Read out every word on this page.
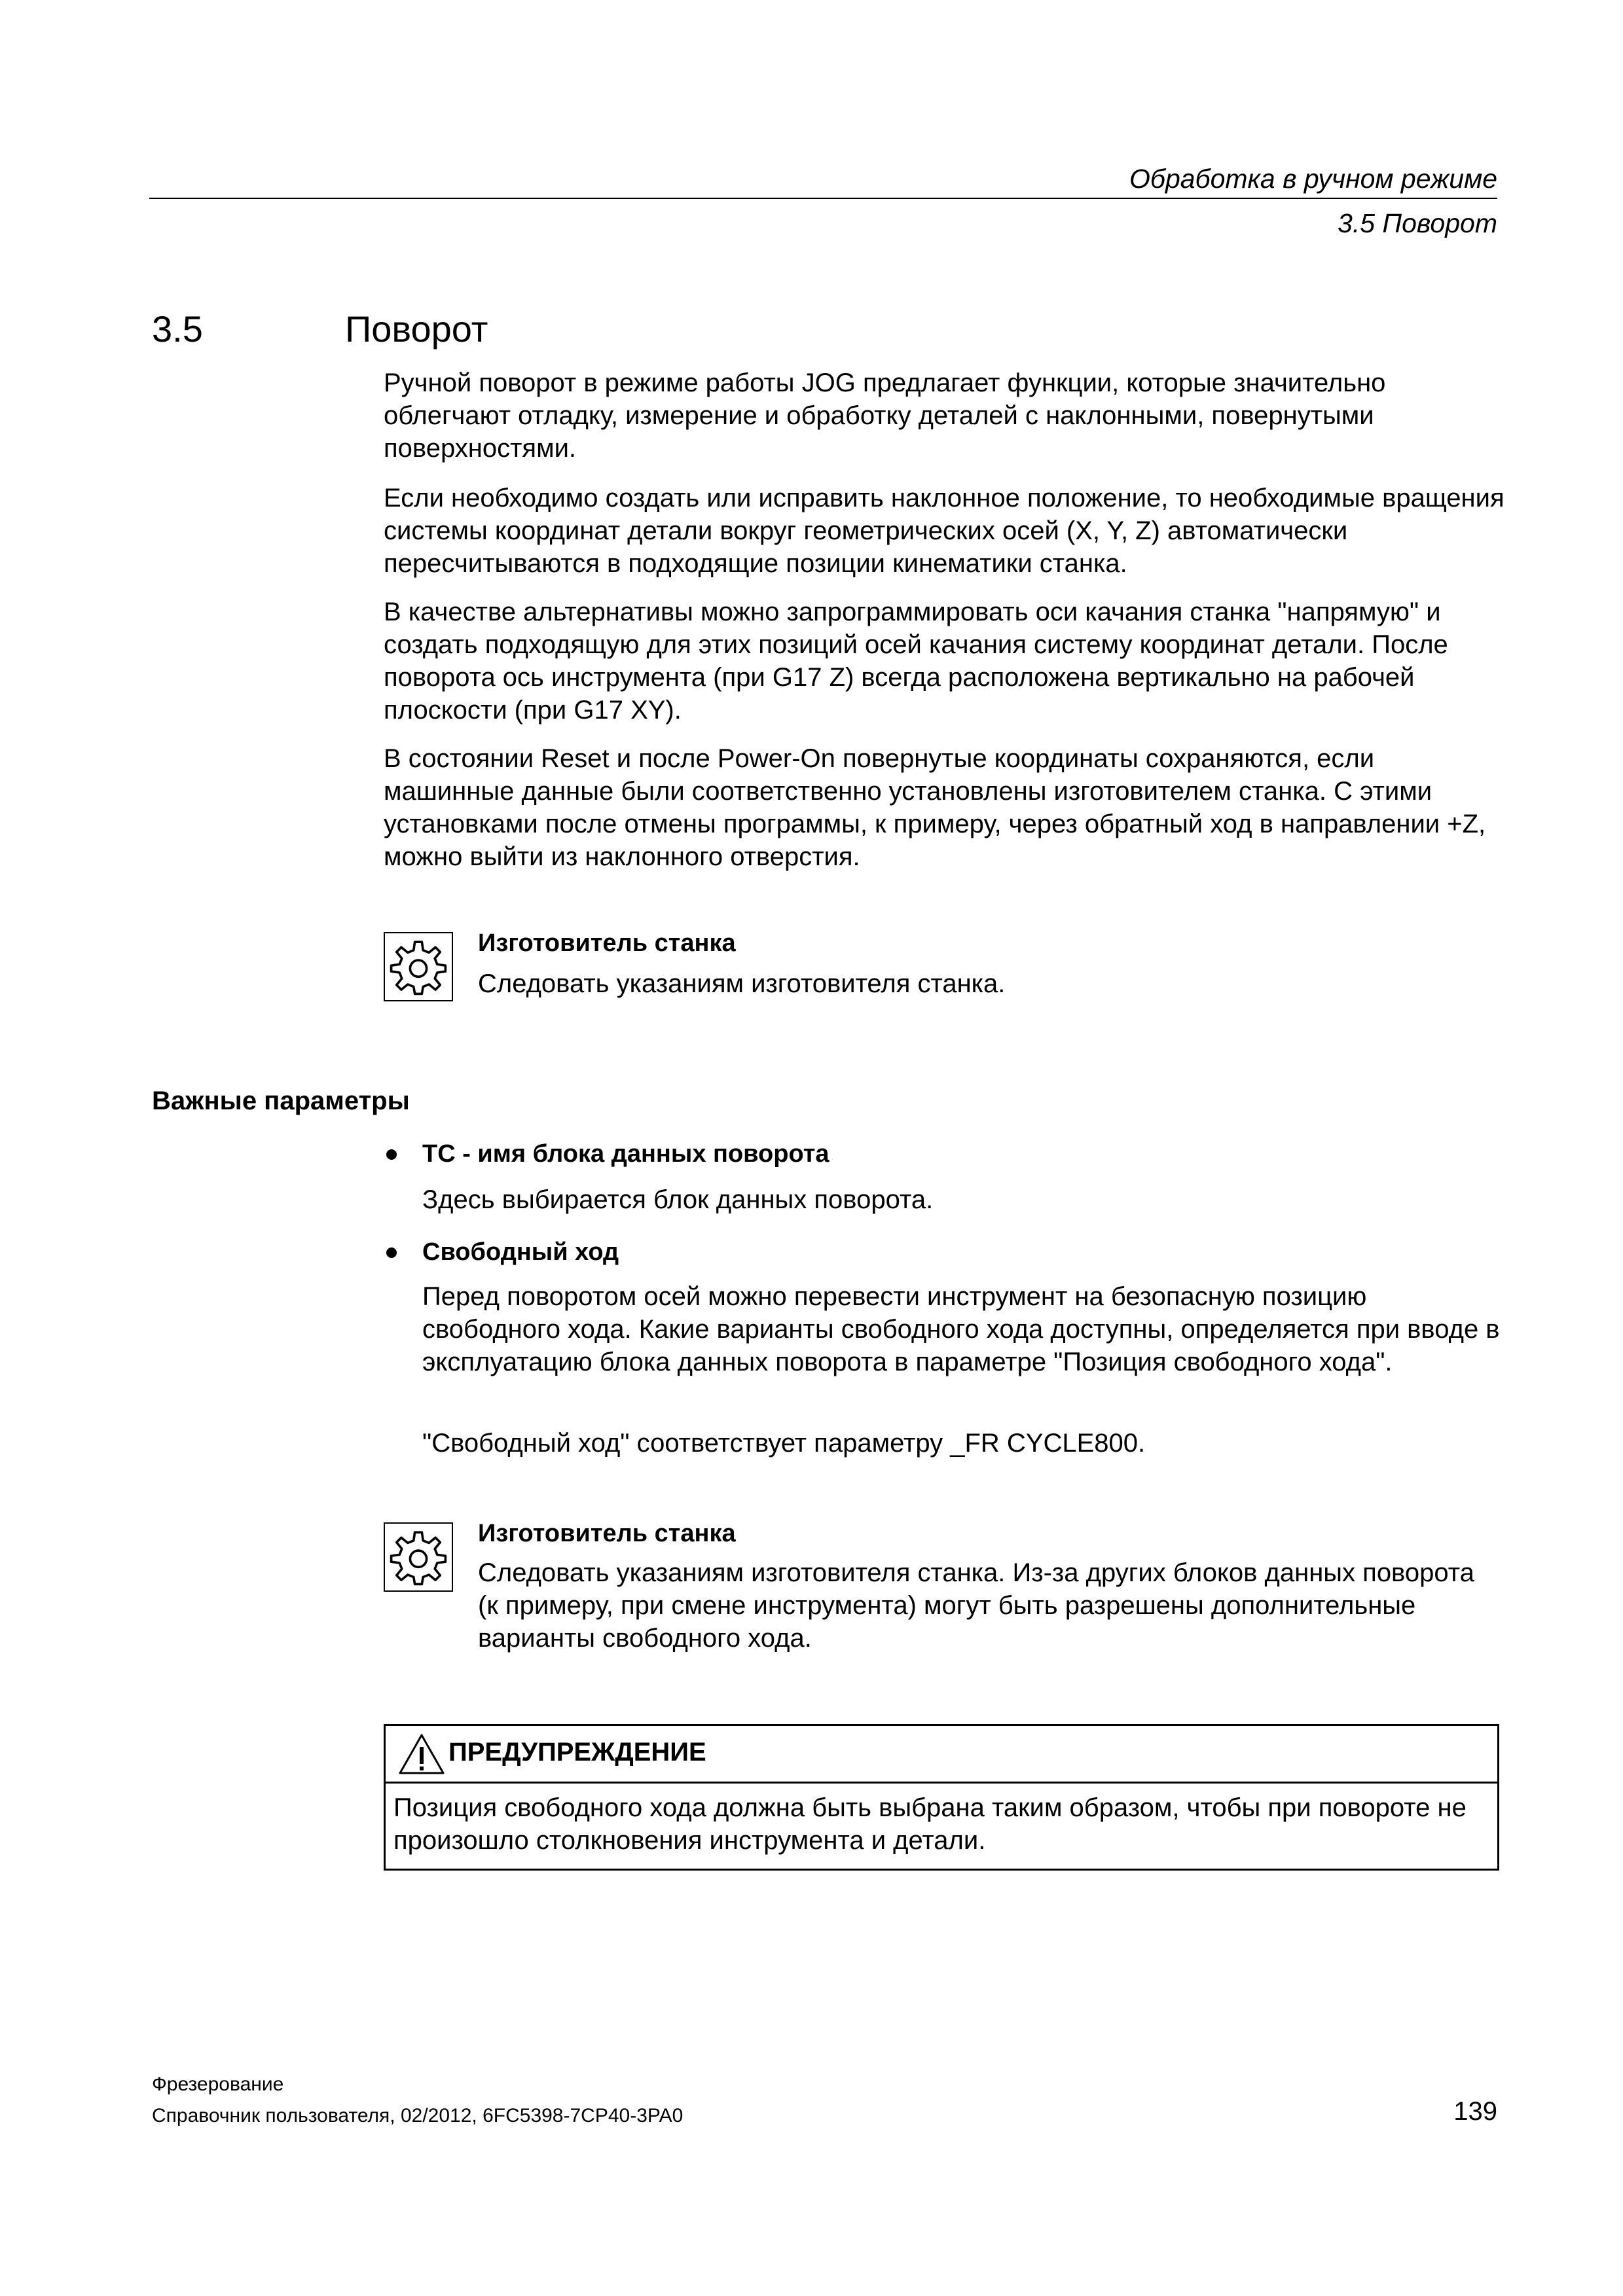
Обработка в ручном режиме
3.5 Поворот
3.5	Поворот

Ручной поворот в режиме работы JOG предлагает функции, которые значительно облегчают отладку, измерение и обработку деталей с наклонными, повернутыми поверхностями.

Если необходимо создать или исправить наклонное положение, то необходимые вращения системы координат детали вокруг геометрических осей (X, Y, Z) автоматически пересчитываются в подходящие позиции кинематики станка.

В качестве альтернативы можно запрограммировать оси качания станка "напрямую" и создать подходящую для этих позиций осей качания систему координат детали. После поворота ось инструмента (при G17 Z) всегда расположена вертикально на рабочей плоскости (при G17 XY).

В состоянии Reset и после Power-On повернутые координаты сохраняются, если машинные данные были соответственно установлены изготовителем станка. С этими установками после отмены программы, к примеру, через обратный ход в направлении +Z, можно выйти из наклонного отверстия.

Изготовитель станка

Следовать указаниям изготовителя станка.

Важные параметры
TC - имя блока данных поворота

Здесь выбирается блок данных поворота.

Свободный ход

Перед поворотом осей можно перевести инструмент на безопасную позицию свободного хода. Какие варианты свободного хода доступны, определяется при вводе в эксплуатацию блока данных поворота в параметре "Позиция свободного хода".

"Свободный ход" соответствует параметру _FR CYCLE800.

Изготовитель станка

Следовать указаниям изготовителя станка. Из-за других блоков данных поворота (к примеру, при смене инструмента) могут быть разрешены дополнительные варианты свободного хода.

ПРЕДУПРЕЖДЕНИЕ

Позиция свободного хода должна быть выбрана таким образом, чтобы при повороте не произошло столкновения инструмента и детали.

Фрезерование
Справочник пользователя, 02/2012, 6FC5398-7CP40-3PA0	139
